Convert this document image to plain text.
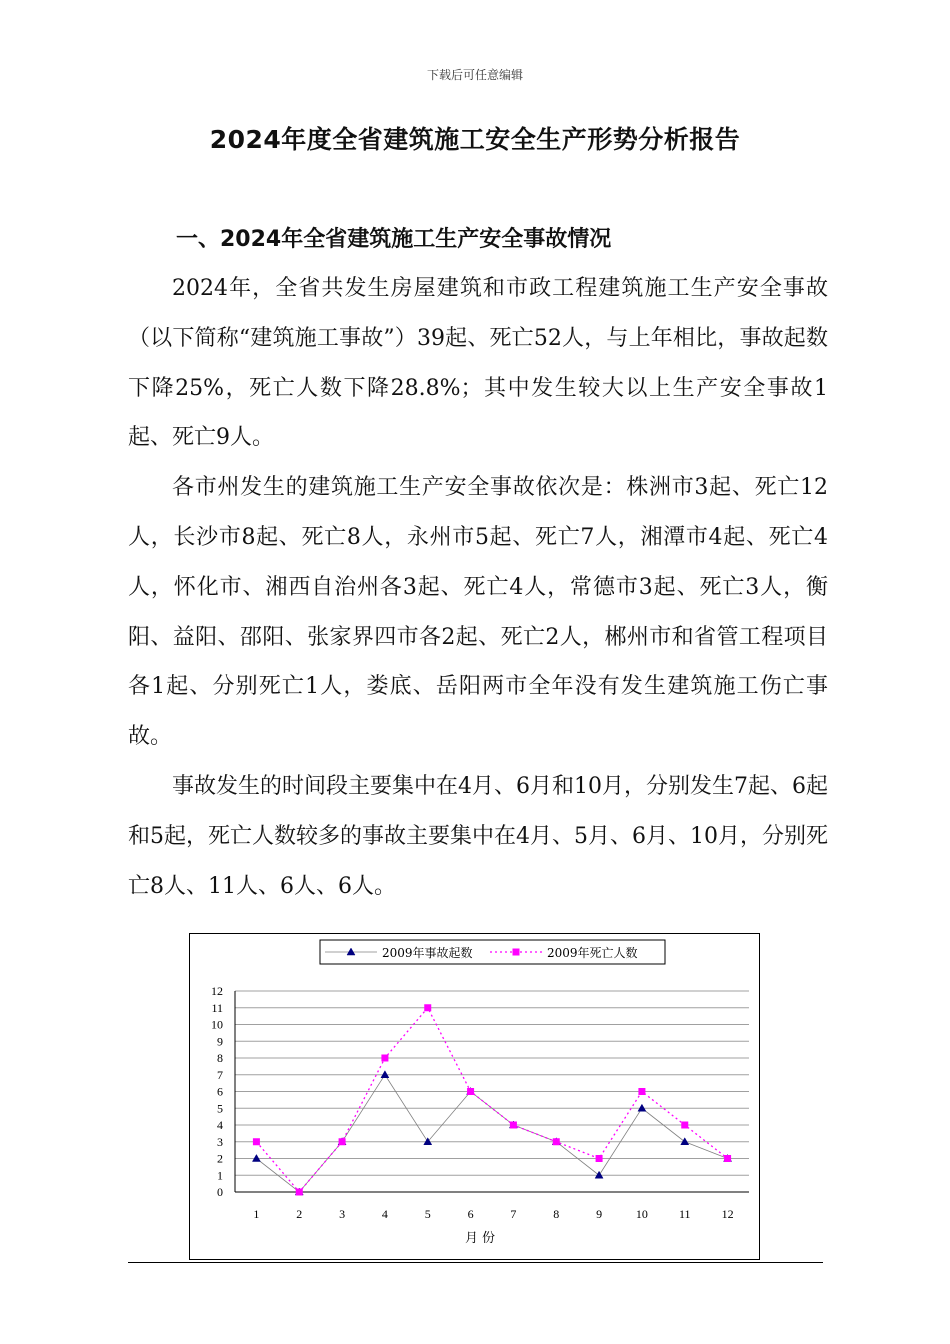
下载后可任意编辑
2024年度全省建筑施工安全生产形势分析报告
一、2024年全省建筑施工生产安全事故情况

2024年，全省共发生房屋建筑和市政工程建筑施工生产安全事故（以下简称“建筑施工事故”）39起、死亡52人，与上年相比，事故起数下降25%，死亡人数下降28.8%；其中发生较大以上生产安全事故1起、死亡9人。

各市州发生的建筑施工生产安全事故依次是：株洲市3起、死亡12人，长沙市8起、死亡8人，永州市5起、死亡7人，湘潭市4起、死亡4人，怀化市、湘西自治州各3起、死亡4人，常德市3起、死亡3人，衡阳、益阳、邵阳、张家界四市各2起、死亡2人，郴州市和省管工程项目各1起、分别死亡1人，娄底、岳阳两市全年没有发生建筑施工伤亡事故。

事故发生的时间段主要集中在4月、6月和10月，分别发生7起、6起和5起，死亡人数较多的事故主要集中在4月、5月、6月、10月，分别死亡8人、11人、6人、6人。

0
1
2
3
4
5
6
7
8
9
10
11
12
1	2	3	4	5	6	7	8	9	10	11	12
月份
2009年事故起数	2009年死亡人数
